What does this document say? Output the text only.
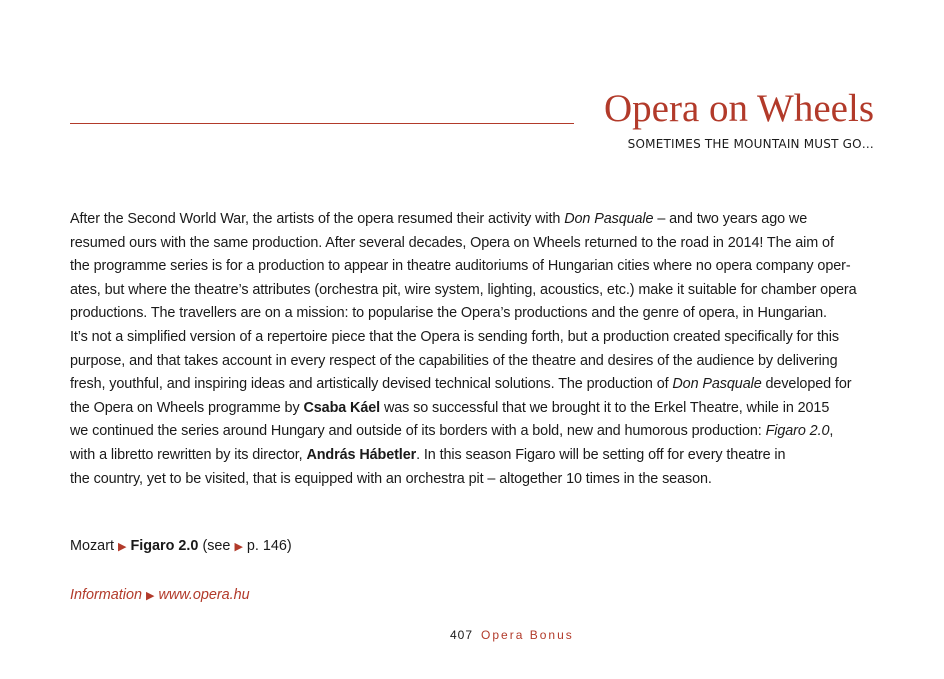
Opera on Wheels
SOMETIMES THE MOUNTAIN MUST GO…
After the Second World War, the artists of the opera resumed their activity with Don Pasquale – and two years ago we
resumed ours with the same production. After several decades, Opera on Wheels returned to the road in 2014! The aim of
the programme series is for a production to appear in theatre auditoriums of Hungarian cities where no opera company oper-
ates, but where the theatre’s attributes (orchestra pit, wire system, lighting, acoustics, etc.) make it suitable for chamber opera
productions. The travellers are on a mission: to popularise the Opera’s productions and the genre of opera, in Hungarian.
It’s not a simplified version of a repertoire piece that the Opera is sending forth, but a production created specifically for this
purpose, and that takes account in every respect of the capabilities of the theatre and desires of the audience by delivering
fresh, youthful, and inspiring ideas and artistically devised technical solutions. The production of Don Pasquale developed for
the Opera on Wheels programme by Csaba Káel was so successful that we brought it to the Erkel Theatre, while in 2015
we continued the series around Hungary and outside of its borders with a bold, new and humorous production: Figaro 2.0,
with a libretto rewritten by its director, András Hábetler. In this season Figaro will be setting off for every theatre in
the country, yet to be visited, that is equipped with an orchestra pit – altogether 10 times in the season.
Mozart ▶ Figaro 2.0 (see ▶ p. 146)
Information ▶ www.opera.hu
407 Opera Bonus
